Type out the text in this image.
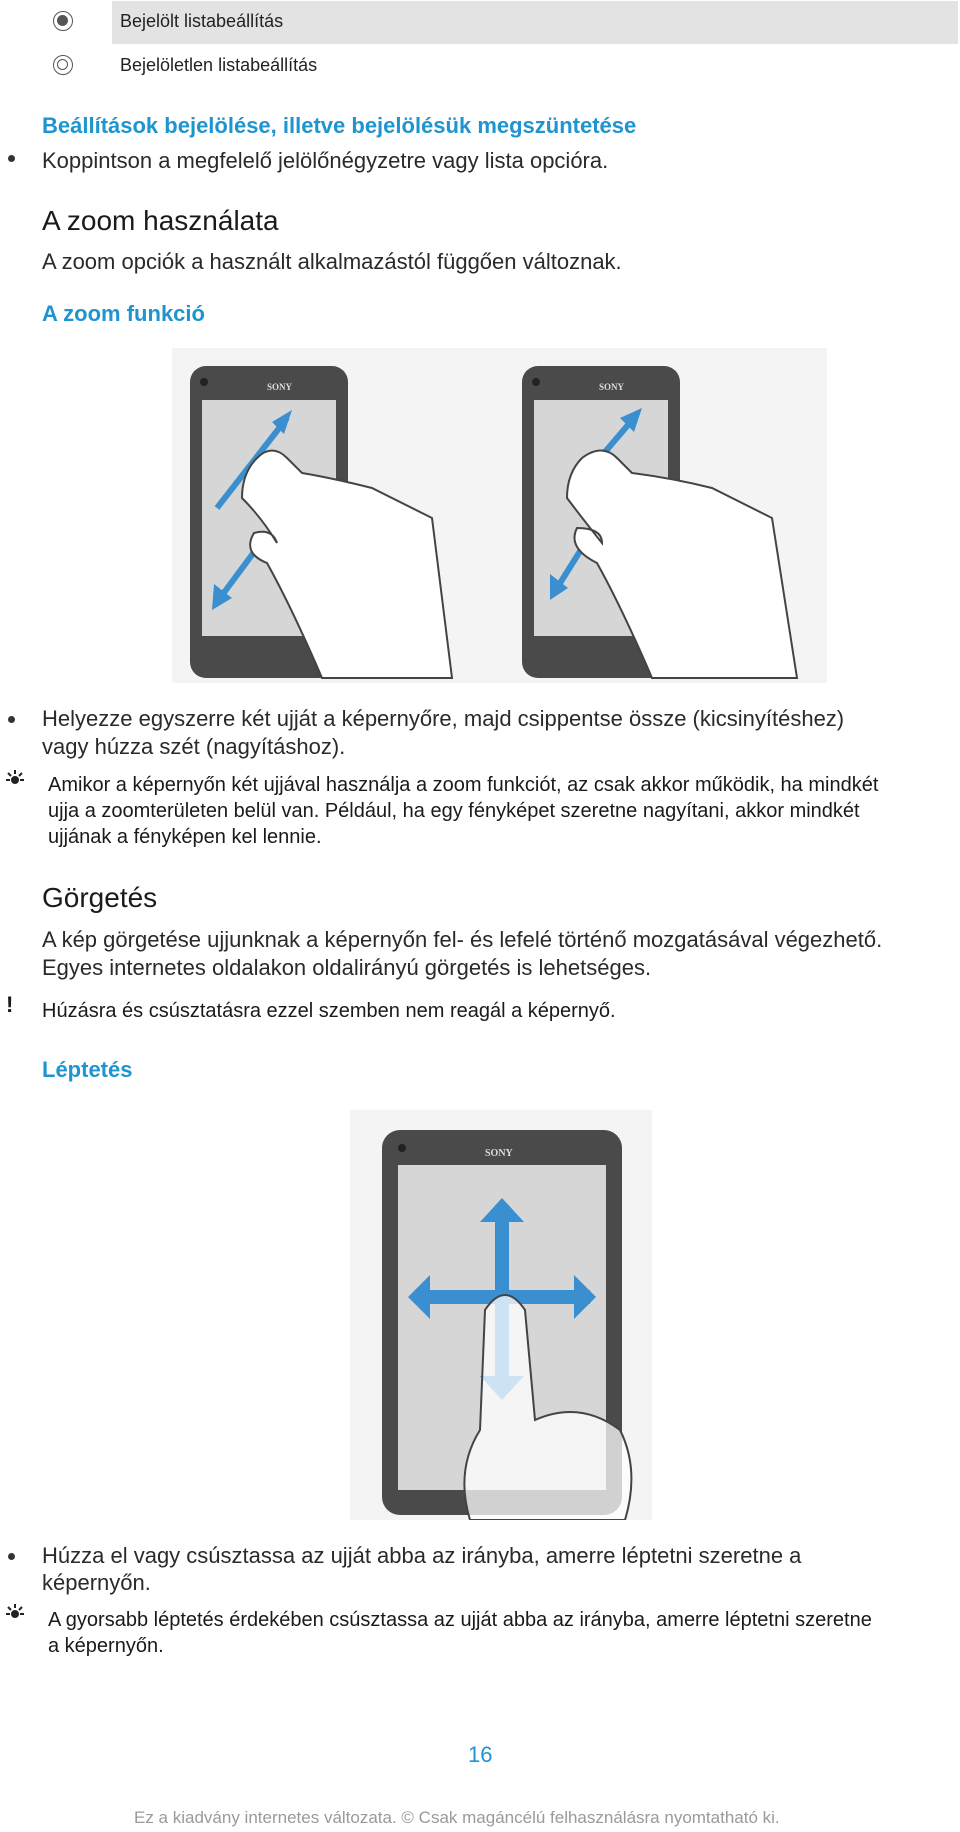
Bejelölt listabeállítás
Bejelöletlen listabeállítás
Beállítások bejelölése, illetve bejelölésük megszüntetése
Koppintson a megfelelő jelölőnégyzetre vagy lista opcióra.
A zoom használata
A zoom opciók a használt alkalmazástól függően változnak.
A zoom funkció
SONY	SONY
Helyezze egyszerre két ujját a képernyőre, majd csippentse össze (kicsinyítéshez)
vagy húzza szét (nagyításhoz).
Amikor a képernyőn két ujjával használja a zoom funkciót, az csak akkor működik, ha mindkét
ujja a zoomterületen belül van. Például, ha egy fényképet szeretne nagyítani, akkor mindkét
ujjának a fényképen kel lennie.
Görgetés
A kép görgetése ujjunknak a képernyőn fel- és lefelé történő mozgatásával végezhető.
Egyes internetes oldalakon oldalirányú görgetés is lehetséges.
! Húzásra és csúsztatásra ezzel szemben nem reagál a képernyő.
Léptetés
SONY
Húzza el vagy csúsztassa az ujját abba az irányba, amerre léptetni szeretne a
képernyőn.
A gyorsabb léptetés érdekében csúsztassa az ujját abba az irányba, amerre léptetni szeretne
a képernyőn.
16
Ez a kiadvány internetes változata. © Csak magáncélú felhasználásra nyomtatható ki.
